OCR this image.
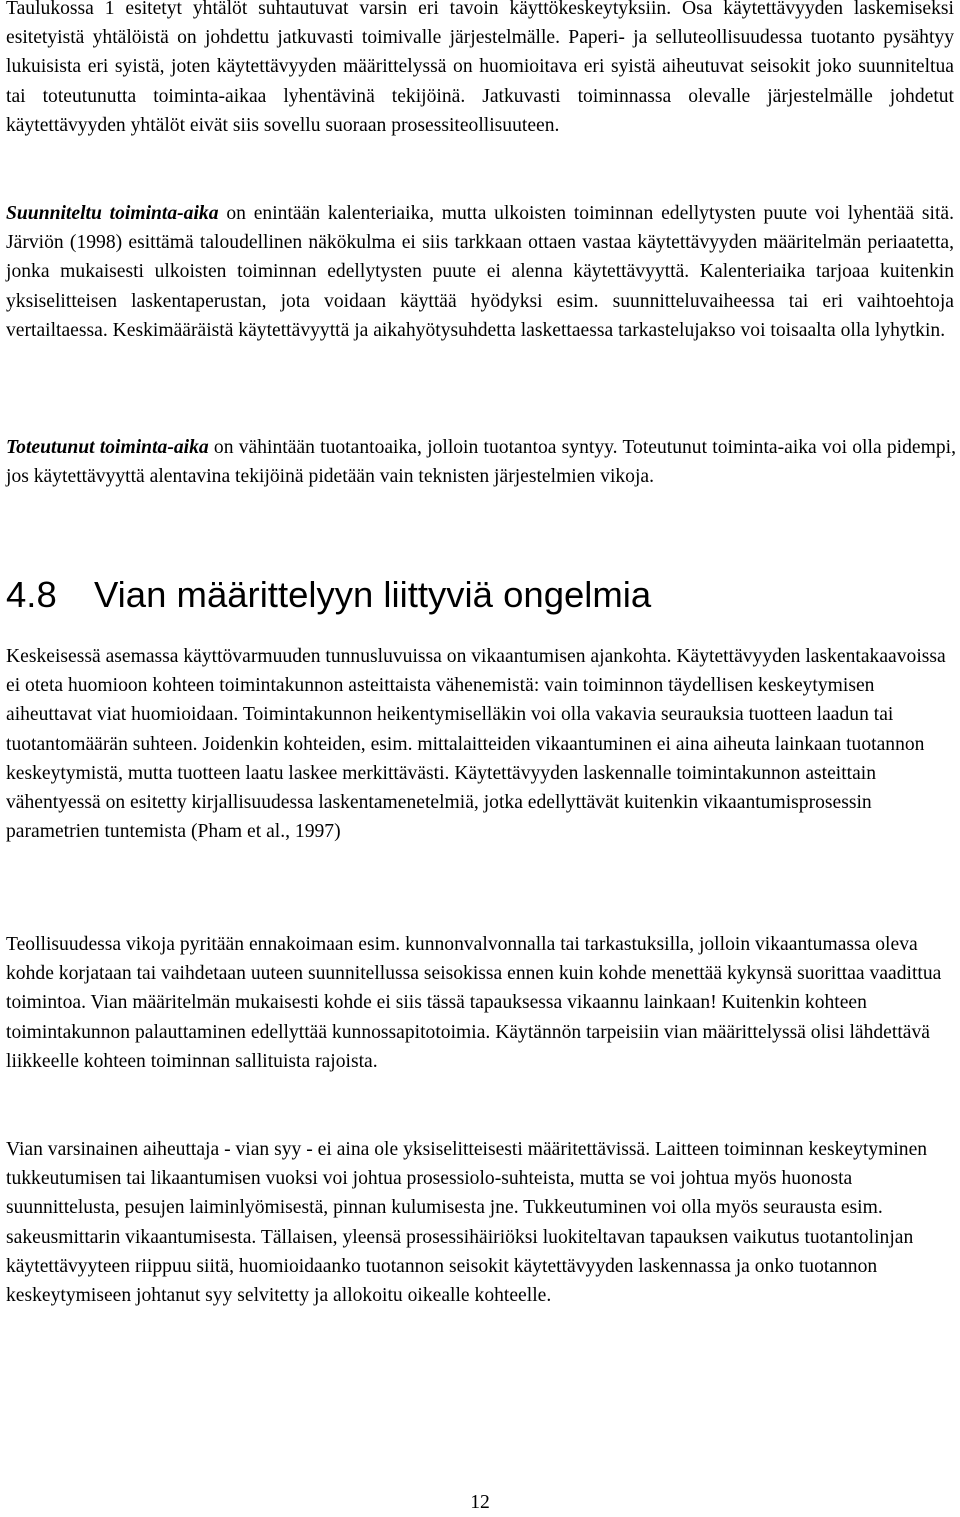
Taulukossa 1 esitetyt yhtälöt suhtautuvat varsin eri tavoin käyttökeskeytyksiin. Osa käytettävyyden laskemiseksi esitetyistä yhtälöistä on johdettu jatkuvasti toimivalle järjestelmälle. Paperi- ja selluteollisuudessa tuotanto pysähtyy lukuisista eri syistä, joten käytettävyyden määrittelyssä on huomioitava eri syistä aiheutuvat seisokit joko suunniteltua tai toteutunutta toiminta-aikaa lyhentävinä tekijöinä. Jatkuvasti toiminnassa olevalle järjestelmälle johdetut käytettävyyden yhtälöt eivät siis sovellu suoraan prosessiteollisuuteen.

Suunniteltu toiminta-aika on enintään kalenteriaika, mutta ulkoisten toiminnan edellytysten puute voi lyhentää sitä. Järviön (1998) esittämä taloudellinen näkökulma ei siis tarkkaan ottaen vastaa käytettävyyden määritelmän periaatetta, jonka mukaisesti ulkoisten toiminnan edellytysten puute ei alenna käytettävyyttä. Kalenteriaika tarjoaa kuitenkin yksiselitteisen laskentaperustan, jota voidaan käyttää hyödyksi esim. suunnitteluvaiheessa tai eri vaihtoehtoja vertailtaessa. Keskimääräistä käytettävyyttä ja aikahyötysuhdetta laskettaessa tarkastelujakso voi toisaalta olla lyhytkin.

Toteutunut toiminta-aika on vähintään tuotantoaika, jolloin tuotantoa syntyy. Toteutunut toiminta-aika voi olla pidempi, jos käytettävyyttä alentavina tekijöinä pidetään vain teknisten järjestelmien vikoja.

4.8 Vian määrittelyyn liittyviä ongelmia

Keskeisessä asemassa käyttövarmuuden tunnusluvuissa on vikaantumisen ajankohta. Käytettävyyden laskentakaavoissa ei oteta huomioon kohteen toimintakunnon asteittaista vähenemistä: vain toiminnon täydellisen keskeytymisen aiheuttavat viat huomioidaan. Toimintakunnon heikentymiselläkin voi olla vakavia seurauksia tuotteen laadun tai tuotantomäärän suhteen. Joidenkin kohteiden, esim. mittalaitteiden vikaantuminen ei aina aiheuta lainkaan tuotannon keskeytymistä, mutta tuotteen laatu laskee merkittävästi. Käytettävyyden laskennalle toimintakunnon asteittain vähentyessä on esitetty kirjallisuudessa laskentamenetelmiä, jotka edellyttävät kuitenkin vikaantumisprosessin parametrien tuntemista (Pham et al., 1997)

Teollisuudessa vikoja pyritään ennakoimaan esim. kunnonvalvonnalla tai tarkastuksilla, jolloin vikaantumassa oleva kohde korjataan tai vaihdetaan uuteen suunnitellussa seisokissa ennen kuin kohde menettää kykynsä suorittaa vaadittua toimintoa. Vian määritelmän mukaisesti kohde ei siis tässä tapauksessa vikaannu lainkaan! Kuitenkin kohteen toimintakunnon palauttaminen edellyttää kunnossapitotoimia. Käytännön tarpeisiin vian määrittelyssä olisi lähdettävä liikkeelle kohteen toiminnan sallituista rajoista.

Vian varsinainen aiheuttaja - vian syy - ei aina ole yksiselitteisesti määritettävissä. Laitteen toiminnan keskeytyminen tukkeutumisen tai likaantumisen vuoksi voi johtua prosessiolo-suhteista, mutta se voi johtua myös huonosta suunnittelusta, pesujen laiminlyömisestä, pinnan kulumisesta jne. Tukkeutuminen voi olla myös seurausta esim. sakeusmittarin vikaantumisesta. Tällaisen, yleensä prosessihäiriöksi luokiteltavan tapauksen vaikutus tuotantolinjan käytettävyyteen riippuu siitä, huomioidaanko tuotannon seisokit käytettävyyden laskennassa ja onko tuotannon keskeytymiseen johtanut syy selvitetty ja allokoitu oikealle kohteelle.

12
